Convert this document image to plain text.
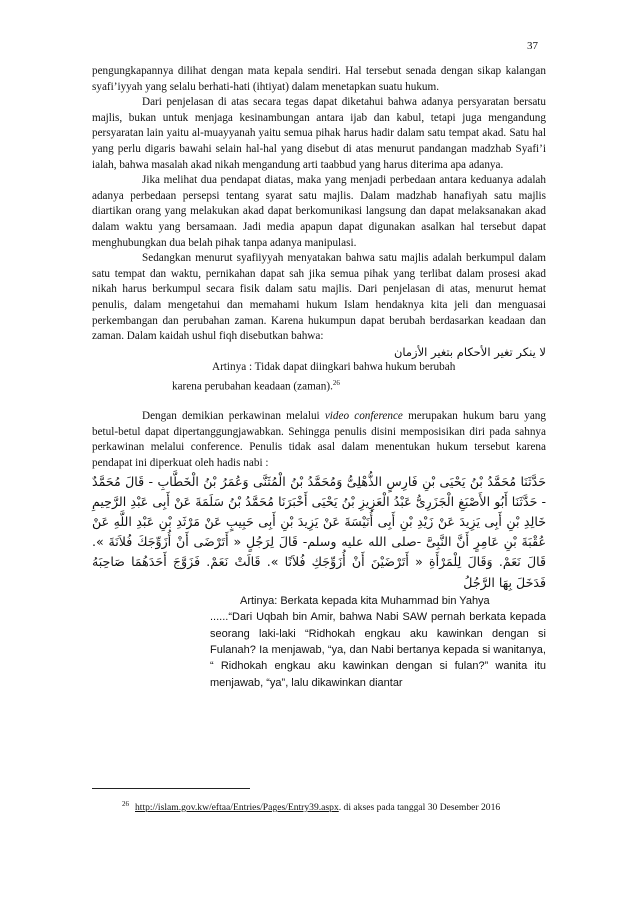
37

pengungkapannya dilihat dengan mata kepala sendiri. Hal tersebut senada dengan sikap kalangan syafi’iyyah yang selalu berhati-hati (ihtiyat) dalam menetapkan suatu hukum.

Dari penjelasan di atas secara tegas dapat diketahui bahwa adanya persyaratan bersatu majlis, bukan untuk menjaga kesinambungan antara ijab dan kabul, tetapi juga mengandung persyaratan lain yaitu al-muayyanah yaitu semua pihak harus hadir dalam satu tempat akad. Satu hal yang perlu digaris bawahi selain hal-hal yang disebut di atas menurut pandangan madzhab Syafi’i ialah, bahwa masalah akad nikah mengandung arti taabbud yang harus diterima apa adanya.

Jika melihat dua pendapat diatas, maka yang menjadi perbedaan antara keduanya adalah adanya perbedaan persepsi tentang syarat satu majlis. Dalam madzhab hanafiyah satu majlis diartikan orang yang melakukan akad dapat berkomunikasi langsung dan dapat melaksanakan akad dalam waktu yang bersamaan. Jadi media apapun dapat digunakan asalkan hal tersebut dapat menghubungkan dua belah pihak tanpa adanya manipulasi.

Sedangkan menurut syafiiyyah menyatakan bahwa satu majlis adalah berkumpul dalam satu tempat dan waktu, pernikahan dapat sah jika semua pihak yang terlibat dalam prosesi akad nikah harus berkumpul secara fisik dalam satu majlis. Dari penjelasan di atas, menurut hemat penulis, dalam mengetahui dan memahami hukum Islam hendaknya kita jeli dan menguasai perkembangan dan perubahan zaman. Karena hukumpun dapat berubah berdasarkan keadaan dan zaman. Dalam kaidah ushul fiqh disebutkan bahwa:

لا ينكر تغير الأحكام بتغير الأزمان

Artinya : Tidak dapat diingkari bahwa hukum berubah

karena perubahan keadaan (zaman).$^{26}$

Dengan demikian perkawinan melalui video conference merupakan hukum baru yang betul-betul dapat dipertanggungjawabkan. Sehingga penulis disini memposisikan diri pada sahnya perkawinan melalui conference. Penulis tidak asal dalam menentukan hukum tersebut karena pendapat ini diperkuat oleh hadis nabi :

حَدَّثَنَا مُحَمَّدُ بْنُ يَحْيَى بْنِ فَارِسٍ الذُّهْلِىُّ وَمُحَمَّدُ بْنُ الْمُثَنَّى وَعُمَرُ بْنُ الْخَطَّابِ - قَالَ مُحَمَّدٌ - حَدَّثَنَا أَبُو الأَصْبَغِ الْجَزَرِىُّ عَبْدُ الْعَزِيزِ بْنُ يَحْيَى أَخْبَرَنَا مُحَمَّدُ بْنُ سَلَمَةَ عَنْ أَبِى عَبْدِ الرَّحِيمِ خَالِدِ بْنِ أَبِى يَزِيدَ عَنْ زَيْدِ بْنِ أَبِى أُنَيْسَةَ عَنْ يَزِيدَ بْنِ أَبِى حَبِيبٍ عَنْ مَرْثَدِ بْنِ عَبْدِ اللَّهِ عَنْ عُقْبَةَ بْنِ عَامِرٍ أَنَّ النَّبِىَّ -صلى الله عليه وسلم- قَالَ لِرَجُلٍ « أَتَرْضَى أَنْ أُزَوِّجَكَ فُلاَنَةَ ». قَالَ نَعَمْ. وَقَالَ لِلْمَرْأَةِ « أَتَرْضَيْنَ أَنْ أُزَوِّجَكِ فُلاَنًا ». قَالَتْ نَعَمْ. فَزَوَّجَ أَحَدَهُمَا صَاحِبَهُ فَدَخَلَ بِهَا الرَّجُلُ

Artinya: Berkata kepada kita Muhammad bin Yahya

......“Dari Uqbah bin Amir, bahwa Nabi SAW pernah berkata kepada seorang laki-laki “Ridhokah engkau aku kawinkan dengan si Fulanah? Ia menjawab, “ya, dan Nabi bertanya kepada si wanitanya, “ Ridhokah engkau aku kawinkan dengan si fulan?” wanita itu menjawab, “ya”, lalu dikawinkan diantar

$^{26}$ http://islam.gov.kw/eftaa/Entries/Pages/Entry39.aspx. di akses pada tanggal 30 Desember 2016
